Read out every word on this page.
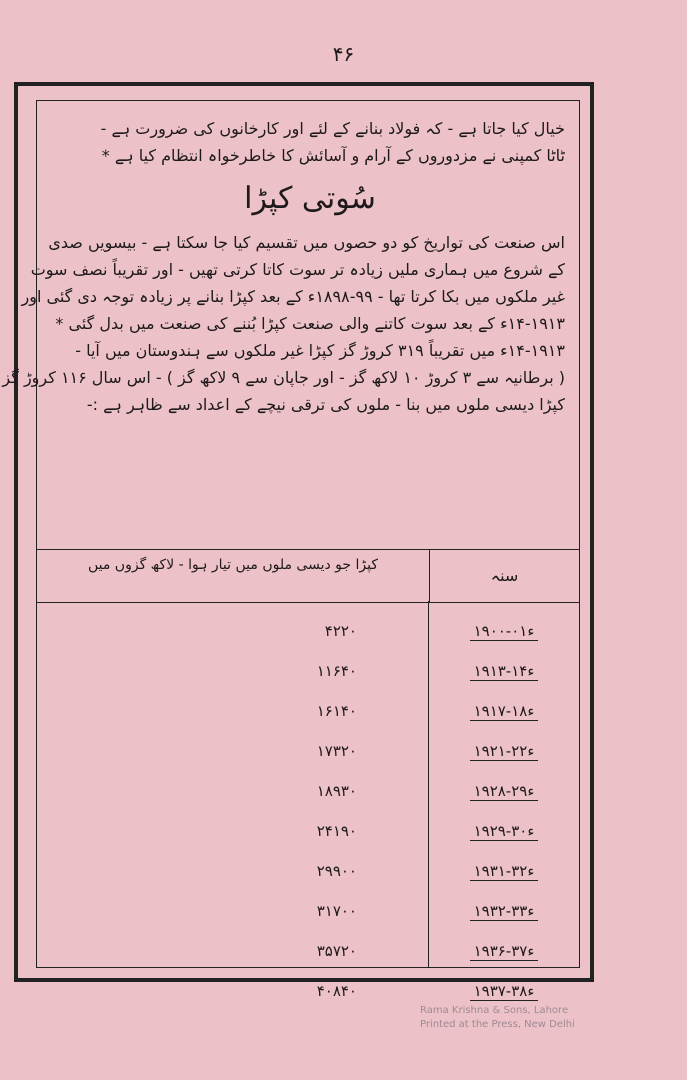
۴۶
خیال کیا جاتا ہے - کہ فولاد بنانے کے لئے اور کارخانوں کی ضرورت ہے -
ٹاٹا کمپنی نے مزدوروں کے آرام و آسائش کا خاطرخواہ انتظام کیا ہے *
سُوتی کپڑا
اس صنعت کی تواریخ کو دو حصوں میں تقسیم کیا جا سکتا ہے - بیسویں صدی
کے شروع میں ہماری ملیں زیادہ تر سوت کاتا کرتی تھیں - اور تقریباً نصف سوت
غیر ملکوں میں بکا کرتا تھا - ۹۹-۱۸۹۸ء کے بعد کپڑا بنانے پر زیادہ توجہ دی گئی اور
۱۴-۱۹۱۳ء کے بعد سوت کاتنے والی صنعت کپڑا بُننے کی صنعت میں بدل گئی *
۱۴-۱۹۱۳ء میں تقریباً ۳۱۹ کروڑ گز کپڑا غیر ملکوں سے ہندوستان میں آیا -
( برطانیہ سے ۳ کروڑ ۱۰ لاکھ گز - اور جاپان سے ۹ لاکھ گز ) - اس سال ۱۱۶ کروڑ گز
کپڑا دیسی ملوں میں بنا - ملوں کی ترقی نیچے کے اعداد سے ظاہر ہے :-
سنہ
کپڑا جو دیسی ملوں میں تیار ہوا - لاکھ گزوں میں
۱۹۰۰-۰۱ء
۴۲۲۰
۱۹۱۳-۱۴ء
۱۱۶۴۰
۱۹۱۷-۱۸ء
۱۶۱۴۰
۱۹۲۱-۲۲ء
۱۷۳۲۰
۱۹۲۸-۲۹ء
۱۸۹۳۰
۱۹۲۹-۳۰ء
۲۴۱۹۰
۱۹۳۱-۳۲ء
۲۹۹۰۰
۱۹۳۲-۳۳ء
۳۱۷۰۰
۱۹۳۶-۳۷ء
۳۵۷۲۰
۱۹۳۷-۳۸ء
۴۰۸۴۰
Rama Krishna & Sons, Lahore
Printed at the Press, New Delhi
